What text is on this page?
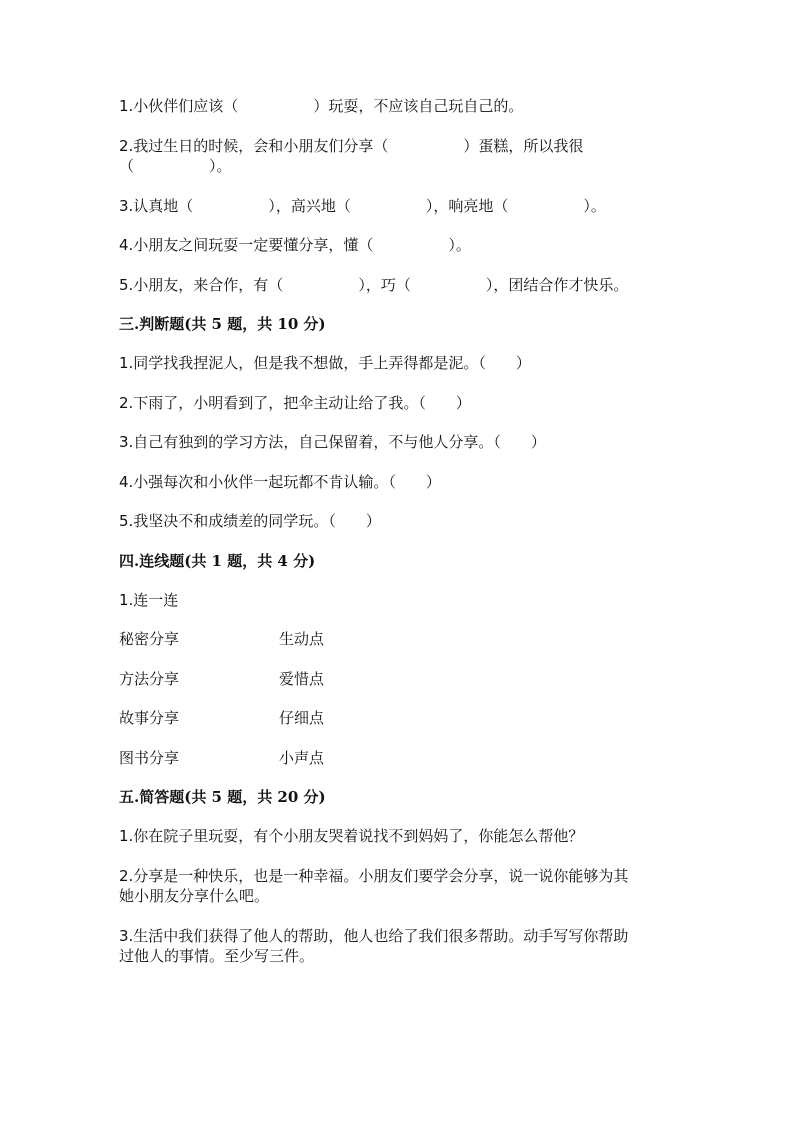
1.小伙伴们应该（　　　　　）玩耍，不应该自己玩自己的。
2.我过生日的时候，会和小朋友们分享（　　　　　）蛋糕，所以我很
（　　　　　）。
3.认真地（　　　　　），高兴地（　　　　　），响亮地（　　　　　）。
4.小朋友之间玩耍一定要懂分享，懂（　　　　　）。
5.小朋友，来合作，有（　　　　　），巧（　　　　　），团结合作才快乐。
三.判断题(共 5 题，共 10 分)
1.同学找我捏泥人，但是我不想做，手上弄得都是泥。（　　）
2.下雨了，小明看到了，把伞主动让给了我。（　　）
3.自己有独到的学习方法，自己保留着，不与他人分享。（　　）
4.小强每次和小伙伴一起玩都不肯认输。（　　）
5.我坚决不和成绩差的同学玩。（　　）
四.连线题(共 1 题，共 4 分)
1.连一连
秘密分享	生动点
方法分享	爱惜点
故事分享	仔细点
图书分享	小声点
五.简答题(共 5 题，共 20 分)
1.你在院子里玩耍，有个小朋友哭着说找不到妈妈了，你能怎么帮他？
2.分享是一种快乐，也是一种幸福。小朋友们要学会分享，说一说你能够为其
她小朋友分享什么吧。
3.生活中我们获得了他人的帮助，他人也给了我们很多帮助。动手写写你帮助
过他人的事情。至少写三件。
